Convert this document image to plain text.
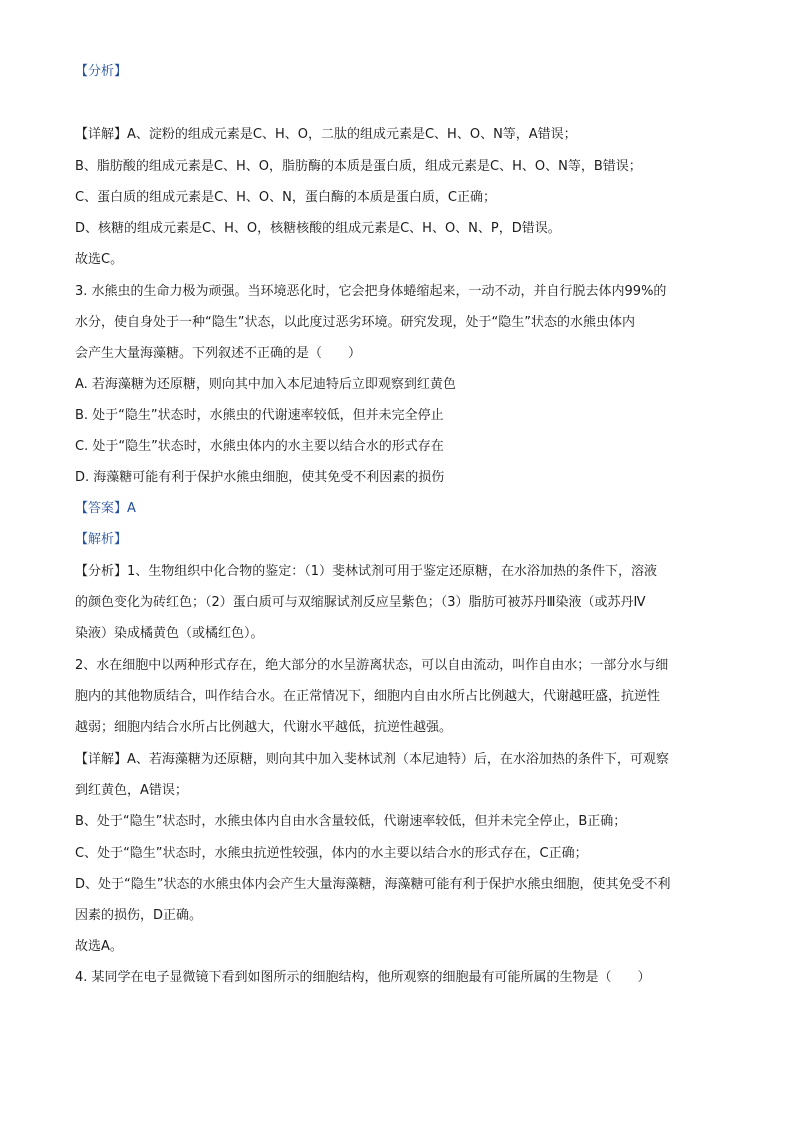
【分析】
【详解】A、淀粉的组成元素是C、H、O，二肽的组成元素是C、H、O、N等，A错误；
B、脂肪酸的组成元素是C、H、O，脂肪酶的本质是蛋白质，组成元素是C、H、O、N等，B错误；
C、蛋白质的组成元素是C、H、O、N，蛋白酶的本质是蛋白质，C正确；
D、核糖的组成元素是C、H、O，核糖核酸的组成元素是C、H、O、N、P，D错误。
故选C。
3. 水熊虫的生命力极为顽强。当环境恶化时，它会把身体蜷缩起来，一动不动，并自行脱去体内99%的
水分，使自身处于一种“隐生”状态，以此度过恶劣环境。研究发现，处于“隐生”状态的水熊虫体内
会产生大量海藻糖。下列叙述不正确的是（　　）
A. 若海藻糖为还原糖，则向其中加入本尼迪特后立即观察到红黄色
B. 处于“隐生”状态时，水熊虫的代谢速率较低，但并未完全停止
C. 处于“隐生”状态时，水熊虫体内的水主要以结合水的形式存在
D. 海藻糖可能有利于保护水熊虫细胞，使其免受不利因素的损伤
【答案】A
【解析】
【分析】1、生物组织中化合物的鉴定：（1）斐林试剂可用于鉴定还原糖，在水浴加热的条件下，溶液
的颜色变化为砖红色；（2）蛋白质可与双缩脲试剂反应呈紫色；（3）脂肪可被苏丹Ⅲ染液（或苏丹Ⅳ
染液）染成橘黄色（或橘红色）。
2、水在细胞中以两种形式存在，绝大部分的水呈游离状态，可以自由流动，叫作自由水；一部分水与细
胞内的其他物质结合，叫作结合水。在正常情况下，细胞内自由水所占比例越大，代谢越旺盛，抗逆性
越弱；细胞内结合水所占比例越大，代谢水平越低，抗逆性越强。
【详解】A、若海藻糖为还原糖，则向其中加入斐林试剂（本尼迪特）后，在水浴加热的条件下，可观察
到红黄色，A错误；
B、处于“隐生”状态时，水熊虫体内自由水含量较低，代谢速率较低，但并未完全停止，B正确；
C、处于“隐生”状态时，水熊虫抗逆性较强，体内的水主要以结合水的形式存在，C正确；
D、处于“隐生”状态的水熊虫体内会产生大量海藻糖，海藻糖可能有利于保护水熊虫细胞，使其免受不利
因素的损伤，D正确。
故选A。
4. 某同学在电子显微镜下看到如图所示的细胞结构，他所观察的细胞最有可能所属的生物是（　　）
